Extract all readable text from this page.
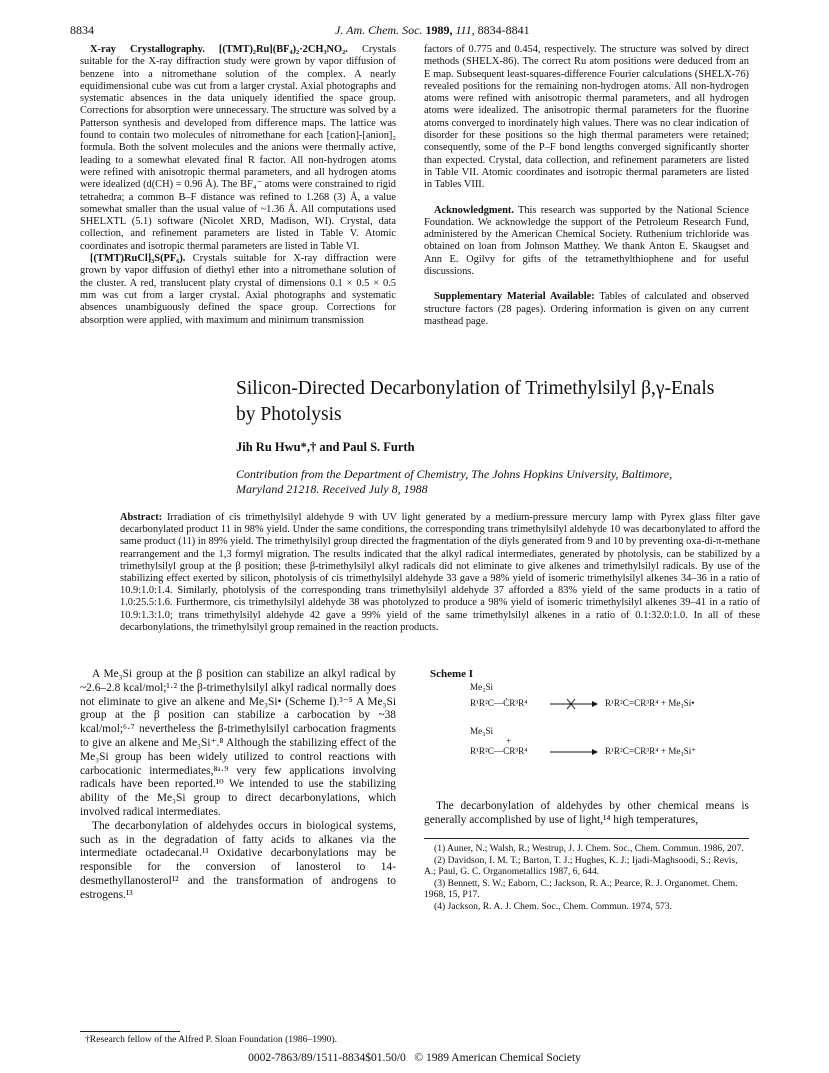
8834	J. Am. Chem. Soc. 1989, 111, 8834-8841

X-ray Crystallography. [(TMT)₂Ru](BF₄)₂·2CH₃NO₂. Crystals suitable for the X-ray diffraction study were grown by vapor diffusion of benzene into a nitromethane solution of the complex. A nearly equidimensional cube was cut from a larger crystal. Axial photographs and systematic absences in the data uniquely identified the space group. Corrections for absorption were unnecessary. The structure was solved by a Patterson synthesis and developed from difference maps. The lattice was found to contain two molecules of nitromethane for each [cation]-[anion]₂ formula. Both the solvent molecules and the anions were thermally active, leading to a somewhat elevated final R factor. All non-hydrogen atoms were refined with anisotropic thermal parameters, and all hydrogen atoms were idealized (d(CH) = 0.96 Å). The BF₄⁻ atoms were constrained to rigid tetrahedra; a common B–F distance was refined to 1.268 (3) Å, a value somewhat smaller than the usual value of ~1.36 Å. All computations used SHELXTL (5.1) software (Nicolet XRD, Madison, WI). Crystal, data collection, and refinement parameters are listed in Table V. Atomic coordinates and isotropic thermal parameters are listed in Table VI.

[(TMT)RuCl]₃S(PF₆). Crystals suitable for X-ray diffraction were grown by vapor diffusion of diethyl ether into a nitromethane solution of the cluster. A red, translucent platy crystal of dimensions 0.1 × 0.5 × 0.5 mm was cut from a larger crystal. Axial photographs and systematic absences unambiguously defined the space group. Corrections for absorption were applied, with maximum and minimum transmission

factors of 0.775 and 0.454, respectively. The structure was solved by direct methods (SHELX-86). The correct Ru atom positions were deduced from an E map. Subsequent least-squares-difference Fourier calculations (SHELX-76) revealed positions for the remaining non-hydrogen atoms. All non-hydrogen atoms were refined with anisotropic thermal parameters, and all hydrogen atoms were idealized. The anisotropic thermal parameters for the fluorine atoms converged to inordinately high values. There was no clear indication of disorder for these positions so the high thermal parameters were retained; consequently, some of the P–F bond lengths converged significantly shorter than expected. Crystal, data collection, and refinement parameters are listed in Table VII. Atomic coordinates and isotropic thermal parameters are listed in Tables VIII.

Acknowledgment. This research was supported by the National Science Foundation. We acknowledge the support of the Petroleum Research Fund, administered by the American Chemical Society. Ruthenium trichloride was obtained on loan from Johnson Matthey. We thank Anton E. Skaugset and Ann E. Ogilvy for gifts of the tetramethylthiophene and for useful discussions.

Supplementary Material Available: Tables of calculated and observed structure factors (28 pages). Ordering information is given on any current masthead page.

Silicon-Directed Decarbonylation of Trimethylsilyl β,γ-Enals
by Photolysis
Jih Ru Hwu*,† and Paul S. Furth
Contribution from the Department of Chemistry, The Johns Hopkins University, Baltimore,
Maryland 21218. Received July 8, 1988
Abstract: Irradiation of cis trimethylsilyl aldehyde 9 with UV light generated by a medium-pressure mercury lamp with Pyrex glass filter gave decarbonylated product 11 in 98% yield. Under the same conditions, the corresponding trans trimethylsilyl aldehyde 10 was decarbonylated to afford the same product (11) in 89% yield. The trimethylsilyl group directed the fragmentation of the diyls generated from 9 and 10 by preventing oxa-di-π-methane rearrangement and the 1,3 formyl migration. The results indicated that the alkyl radical intermediates, generated by photolysis, can be stabilized by a trimethylsilyl group at the β position; these β-trimethylsilyl alkyl radicals did not eliminate to give alkenes and trimethylsilyl radicals. By use of the stabilizing effect exerted by silicon, photolysis of cis trimethylsilyl aldehyde 33 gave a 98% yield of isomeric trimethylsilyl alkenes 34–36 in a ratio of 10.9:1.0:1.4. Similarly, photolysis of the corresponding trans trimethylsilyl aldehyde 37 afforded a 83% yield of the same products in a ratio of 1.0:25.5:1.6. Furthermore, cis trimethylsilyl aldehyde 38 was photolyzed to produce a 98% yield of isomeric trimethylsilyl alkenes 39–41 in a ratio of 10.9:1.3:1.0; trans trimethylsilyl aldehyde 42 gave a 99% yield of the same trimethylsilyl alkenes in a ratio of 0.1:32.0:1.0. In all of these decarbonylations, the trimethylsilyl group remained in the reaction products.

A Me₃Si group at the β position can stabilize an alkyl radical by ~2.6–2.8 kcal/mol;¹·² the β-trimethylsilyl alkyl radical normally does not eliminate to give an alkene and Me₃Si• (Scheme I).³⁻⁵ A Me₃Si group at the β position can stabilize a carbocation by ~38 kcal/mol;⁶·⁷ nevertheless the β-trimethylsilyl carbocation fragments to give an alkene and Me₃Si⁺.⁸ Although the stabilizing effect of the Me₃Si group has been widely utilized to control reactions with carbocationic intermediates,⁸ᵃ·⁹ very few applications involving radicals have been reported.¹⁰ We intended to use the stabilizing ability of the Me₃Si group to direct decarbonylations, which involved radical intermediates.

The decarbonylation of aldehydes occurs in biological systems, such as in the degradation of fatty acids to alkanes via the intermediate octadecanal.¹¹ Oxidative decarbonylations may be responsible for the conversion of lanosterol to 14-desmethyllanosterol¹² and the transformation of androgens to estrogens.¹³

†Research fellow of the Alfred P. Sloan Foundation (1986–1990).
Scheme I
Me₃Si
R¹R²C—ĊR³R⁴	R¹R²C=CR³R⁴ + Me₃Si•
Me₃Si
+
R¹R²C—CR³R⁴	R¹R²C=CR³R⁴ + Me₃Si⁺

The decarbonylation of aldehydes by other chemical means is generally accomplished by use of light,¹⁴ high temperatures,

(1) Auner, N.; Walsh, R.; Westrup, J. J. Chem. Soc., Chem. Commun. 1986, 207.

(2) Davidson, I. M. T.; Barton, T. J.; Hughes, K. J.; Ijadi-Maghsoodi, S.; Revis, A.; Paul, G. C. Organometallics 1987, 6, 644.

(3) Bennett, S. W.; Eaborn, C.; Jackson, R. A.; Pearce, R. J. Organomet. Chem. 1968, 15, P17.

(4) Jackson, R. A. J. Chem. Soc., Chem. Commun. 1974, 573.

0002-7863/89/1511-8834$01.50/0 © 1989 American Chemical Society
